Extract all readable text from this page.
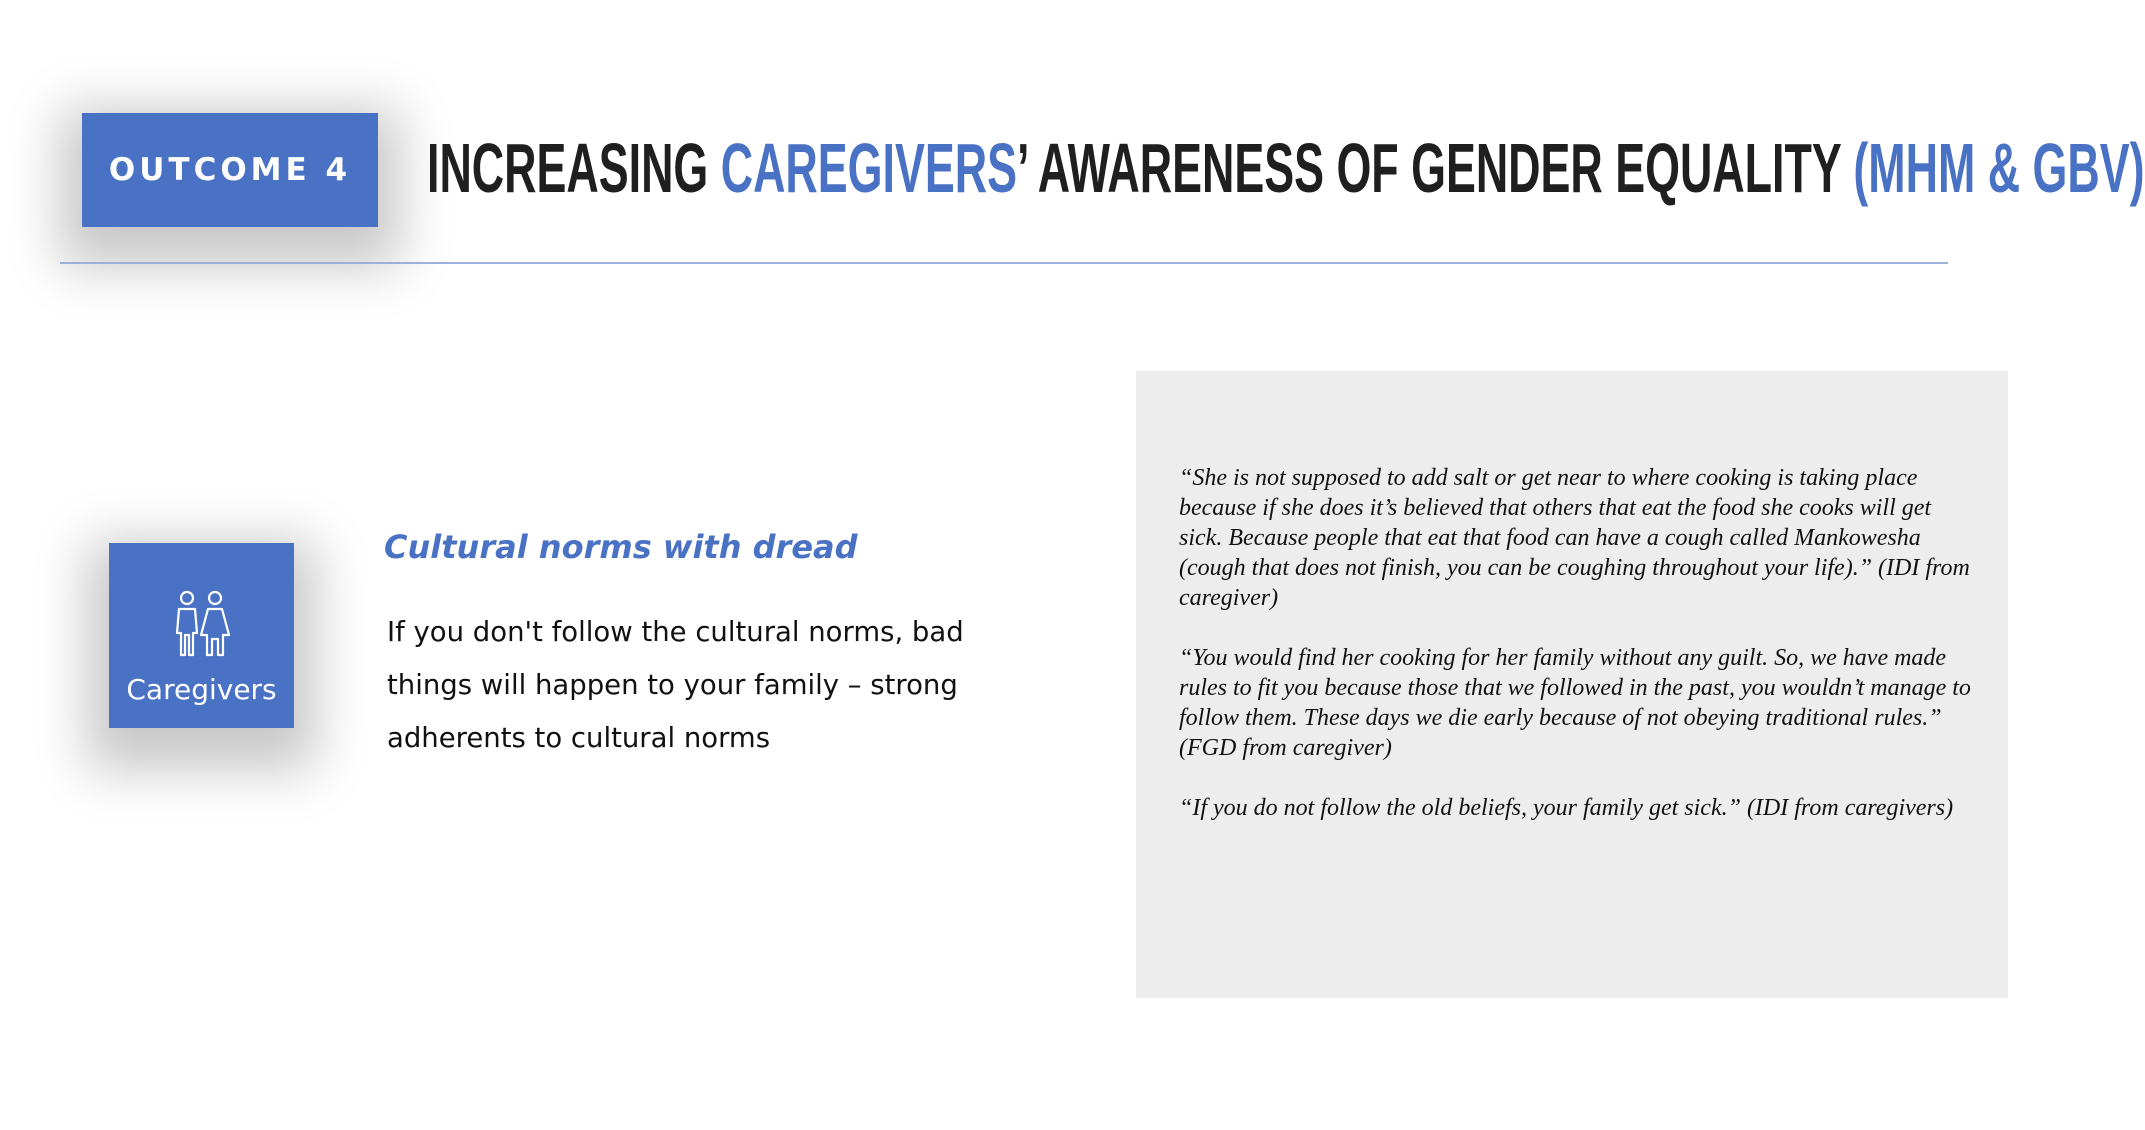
OUTCOME 4 INCREASING CAREGIVERS’ AWARENESS OF GENDER EQUALITY (MHM & GBV)
Caregivers
Cultural norms with dread

If you don't follow the cultural norms, bad things will happen to your family – strong adherents to cultural norms

“She is not supposed to add salt or get near to where cooking is taking place because if she does it’s believed that others that eat the food she cooks will get sick. Because people that eat that food can have a cough called Mankowesha (cough that does not finish, you can be coughing throughout your life).” (IDI from caregiver)

“You would find her cooking for her family without any guilt. So, we have made rules to fit you because those that we followed in the past, you wouldn’t manage to follow them. These days we die early because of not obeying traditional rules.” (FGD from caregiver)

“If you do not follow the old beliefs, your family get sick.” (IDI from caregivers)
